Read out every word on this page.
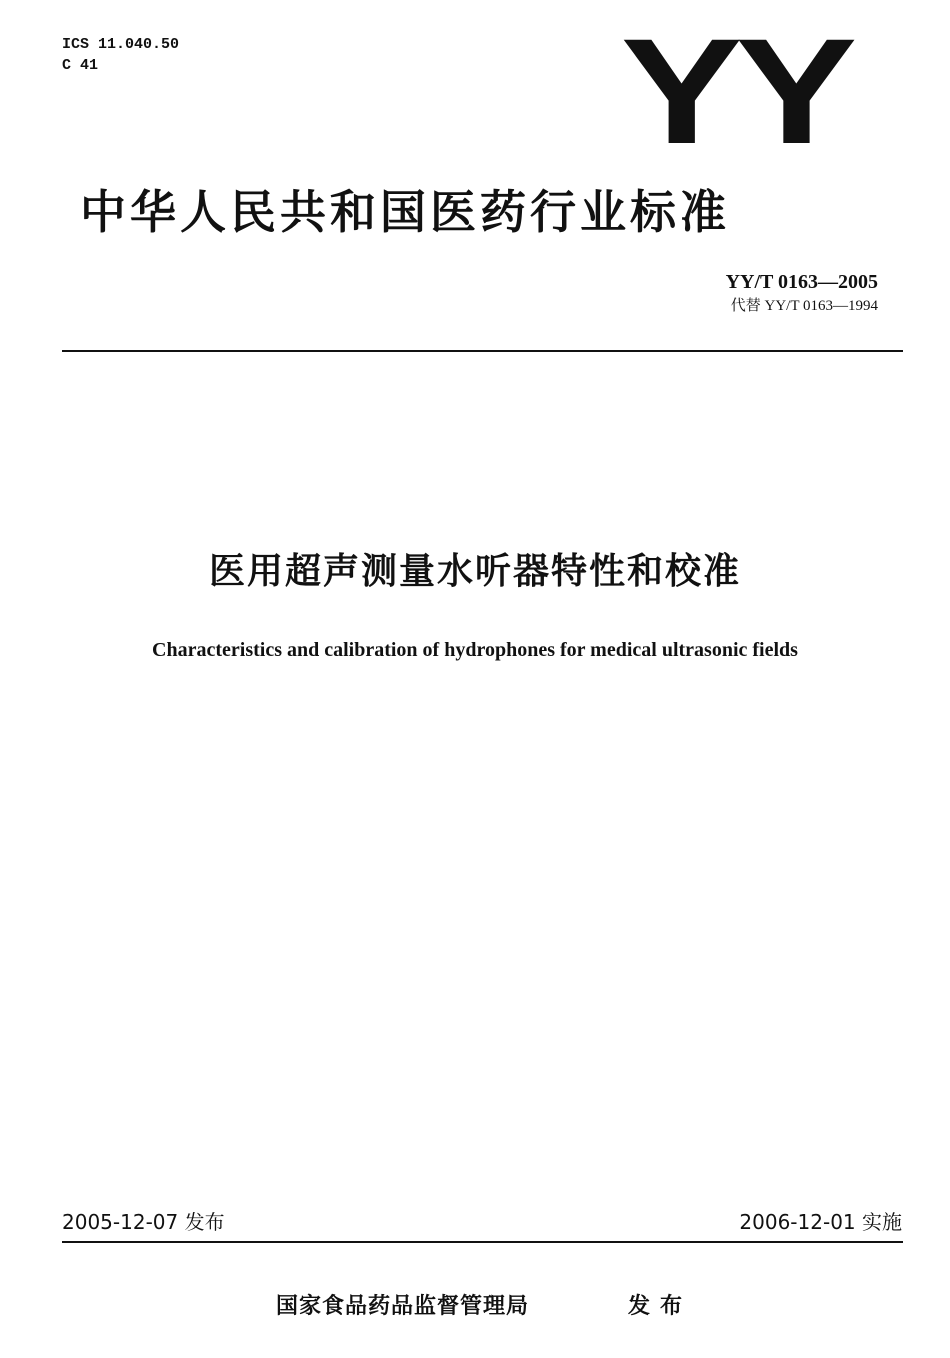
ICS 11.040.50
C 41	YY
中华人民共和国医药行业标准
YY/T 0163—2005
代替 YY/T 0163—1994
医用超声测量水听器特性和校准
Characteristics and calibration of hydrophones for medical ultrasonic fields
2005-12-07 发布	2006-12-01 实施
国家食品药品监督管理局	发布
